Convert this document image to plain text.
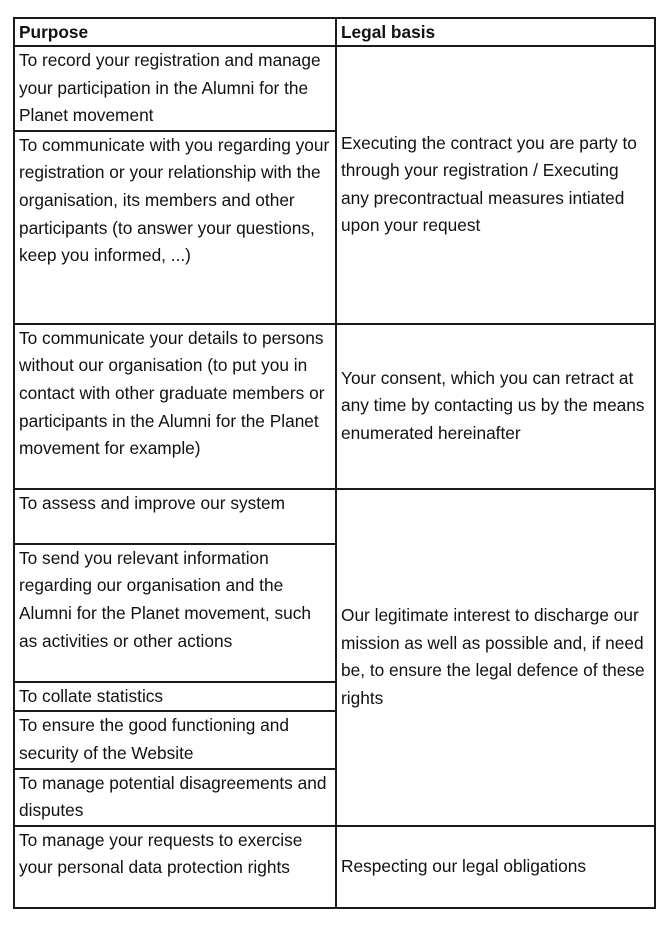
Purpose	Legal basis

To record your registration and manage your participation in the Alumni for the Planet movement	Executing the contract you are party to through your registration / Executing any precontractual measures intiated upon your request

To communicate with you regarding your registration or your relationship with the organisation, its members and other participants (to answer your questions, keep you informed, ...)	

To communicate your details to persons without our organisation (to put you in contact with other graduate members or participants in the Alumni for the Planet movement for example)	Your consent, which you can retract at any time by contacting us by the means enumerated hereinafter

To assess and improve our system	Our legitimate interest to discharge our mission as well as possible and, if need be, to ensure the legal defence of these rights

To send you relevant information regarding our organisation and the Alumni for the Planet movement, such as activities or other actions	

To collate statistics	

To ensure the good functioning and security of the Website	

To manage potential disagreements and disputes	

To manage your requests to exercise your personal data protection rights	Respecting our legal obligations
